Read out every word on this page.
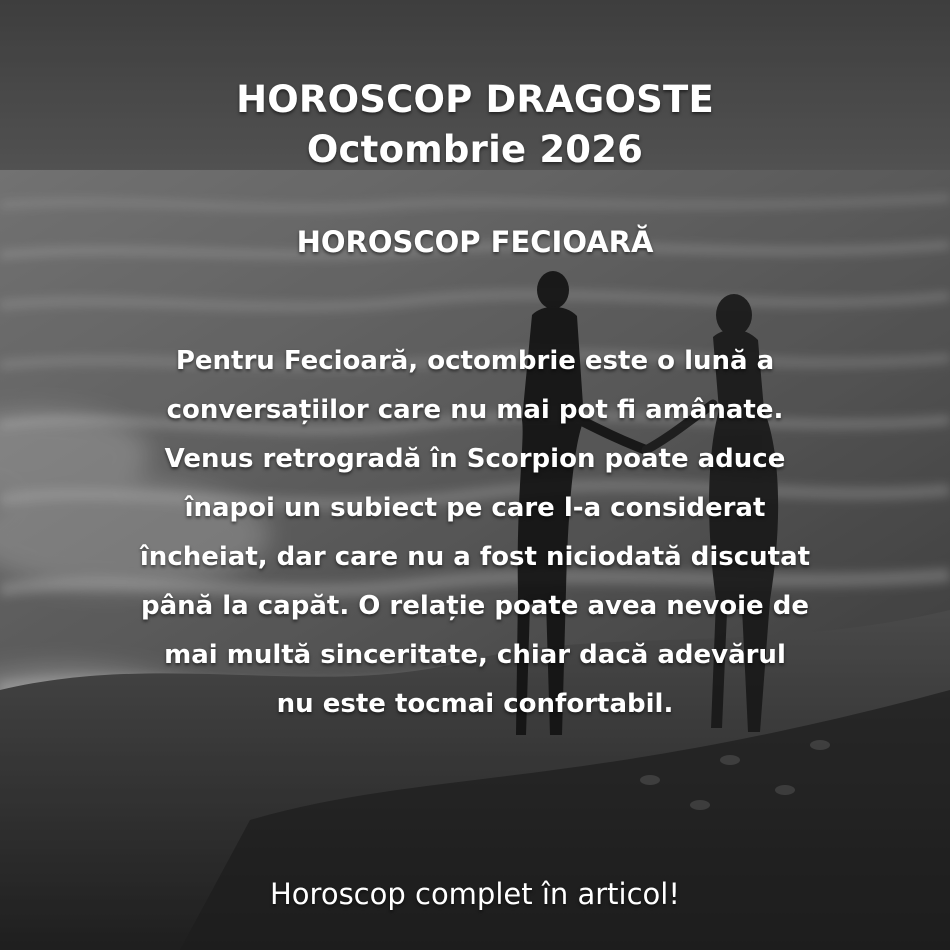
HOROSCOP DRAGOSTE
Octombrie 2026
HOROSCOP FECIOARĂ
Pentru Fecioară, octombrie este o lună a
conversațiilor care nu mai pot fi amânate.
Venus retrogradă în Scorpion poate aduce
înapoi un subiect pe care l-a considerat
încheiat, dar care nu a fost niciodată discutat
până la capăt. O relație poate avea nevoie de
mai multă sinceritate, chiar dacă adevărul
nu este tocmai confortabil.
Horoscop complet în articol!
